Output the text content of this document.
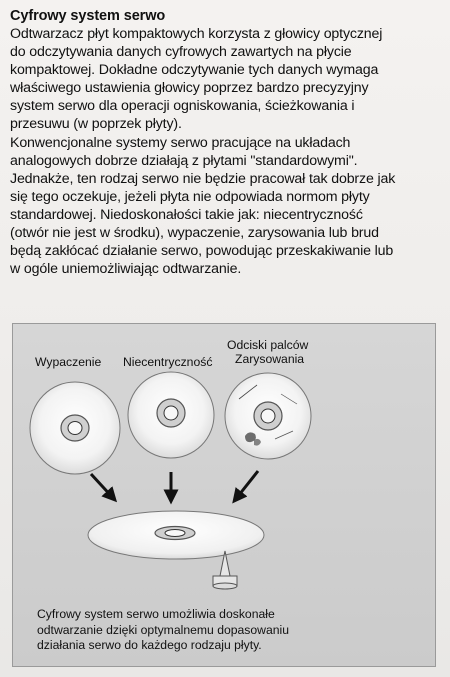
Cyfrowy system serwo
Odtwarzacz płyt kompaktowych korzysta z głowicy optycznej
do odczytywania danych cyfrowych zawartych na płycie
kompaktowej. Dokładne odczytywanie tych danych wymaga
właściwego ustawienia głowicy poprzez bardzo precyzyjny
system serwo dla operacji ogniskowania, ścieżkowania i
przesuwu (w poprzek płyty).
Konwencjonalne systemy serwo pracujące na układach
analogowych dobrze działają z płytami "standardowymi".
Jednakże, ten rodzaj serwo nie będzie pracował tak dobrze jak
się tego oczekuje, jeżeli płyta nie odpowiada normom płyty
standardowej. Niedoskonałości takie jak: niecentryczność
(otwór nie jest w środku), wypaczenie, zarysowania lub brud
będą zakłócać działanie serwo, powodując przeskakiwanie lub
w ogóle uniemożliwiając odtwarzanie.
Wypaczenie Niecentryczność
Odciski palców
Zarysowania
Cyfrowy system serwo umożliwia doskonałe
odtwarzanie dzięki optymalnemu dopasowaniu
działania serwo do każdego rodzaju płyty.
